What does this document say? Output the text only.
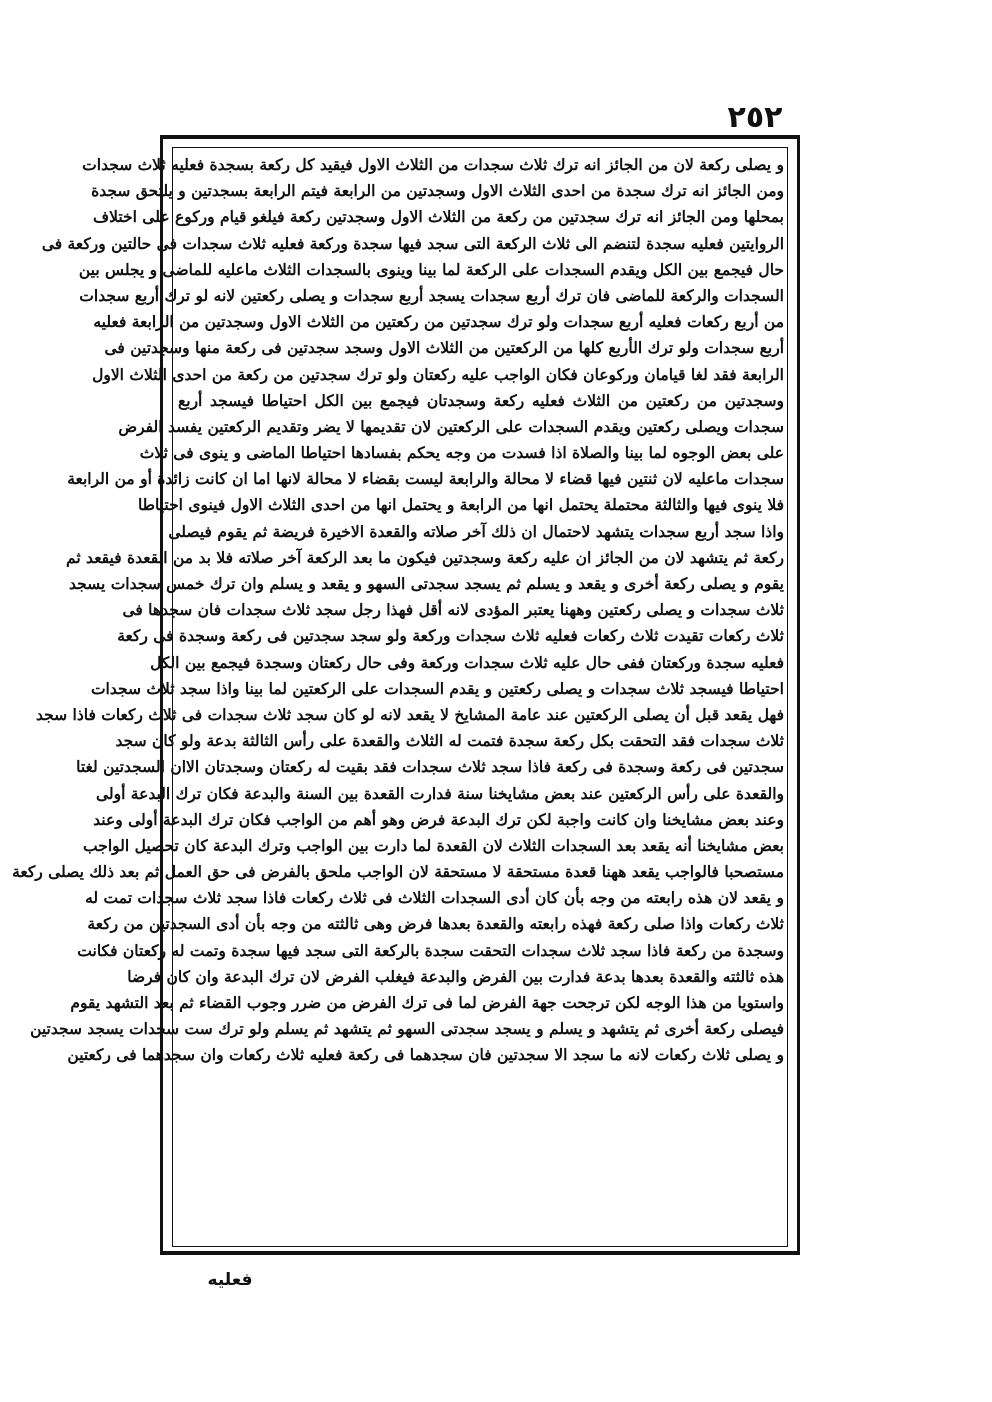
٢٥٢
و يصلى ركعة لان من الجائز انه ترك ثلاث سجدات من الثلاث الاول فيقيد كل ركعة بسجدة فعليه ثلاث سجدات
ومن الجائز انه ترك سجدة من احدى الثلاث الاول وسجدتين من الرابعة فيتم الرابعة بسجدتين و يلتحق سجدة
بمحلها ومن الجائز انه ترك سجدتين من ركعة من الثلاث الاول وسجدتين ركعة فيلغو قيام وركوع على اختلاف
الروايتين فعليه سجدة لتنضم الى ثلاث الركعة التى سجد فيها سجدة وركعة فعليه ثلاث سجدات فى حالتين وركعة فى
حال فيجمع بين الكل ويقدم السجدات على الركعة لما بينا وينوى بالسجدات الثلاث ماعليه للماضى و يجلس بين
السجدات والركعة للماضى فان ترك أربع سجدات يسجد أربع سجدات و يصلى ركعتين لانه لو ترك أربع سجدات
من أربع ركعات فعليه أربع سجدات ولو ترك سجدتين من ركعتين من الثلاث الاول وسجدتين من الرابعة فعليه
أربع سجدات ولو ترك الأربع كلها من الركعتين من الثلاث الاول وسجد سجدتين فى ركعة منها وسجدتين فى
الرابعة فقد لغا قيامان وركوعان فكان الواجب عليه ركعتان ولو ترك سجدتين من ركعة من احدى الثلاث الاول
وسجدتين من ركعتين من الثلاث فعليه ركعة وسجدتان فيجمع بين الكل احتياطا فيسجد أربع
سجدات ويصلى ركعتين ويقدم السجدات على الركعتين لان تقديمها لا يضر وتقديم الركعتين يفسد الفرض
على بعض الوجوه لما بينا والصلاة اذا فسدت من وجه يحكم بفسادها احتياطا الماضى و ينوى فى ثلاث
سجدات ماعليه لان ثنتين فيها قضاء لا محالة والرابعة ليست بقضاء لا محالة لانها اما ان كانت زائدة أو من الرابعة
فلا ينوى فيها والثالثة محتملة يحتمل انها من الرابعة و يحتمل انها من احدى الثلاث الاول فينوى احتياطا
واذا سجد أربع سجدات يتشهد لاحتمال ان ذلك آخر صلاته والقعدة الاخيرة فريضة ثم يقوم فيصلى
ركعة ثم يتشهد لان من الجائز ان عليه ركعة وسجدتين فيكون ما بعد الركعة آخر صلاته فلا بد من القعدة فيقعد ثم
يقوم و يصلى ركعة أخرى و يقعد و يسلم ثم يسجد سجدتى السهو و يقعد و يسلم وان ترك خمس سجدات يسجد
ثلاث سجدات و يصلى ركعتين وههنا يعتبر المؤدى لانه أقل فهذا رجل سجد ثلاث سجدات فان سجدها فى
ثلاث ركعات تقيدت ثلاث ركعات فعليه ثلاث سجدات وركعة ولو سجد سجدتين فى ركعة وسجدة فى ركعة
فعليه سجدة وركعتان ففى حال عليه ثلاث سجدات وركعة وفى حال ركعتان وسجدة فيجمع بين الكل
احتياطا فيسجد ثلاث سجدات و يصلى ركعتين و يقدم السجدات على الركعتين لما بينا واذا سجد ثلاث سجدات
فهل يقعد قبل أن يصلى الركعتين عند عامة المشايخ لا يقعد لانه لو كان سجد ثلاث سجدات فى ثلاث ركعات فاذا سجد
ثلاث سجدات فقد التحقت بكل ركعة سجدة فتمت له الثلاث والقعدة على رأس الثالثة بدعة ولو كان سجد
سجدتين فى ركعة وسجدة فى ركعة فاذا سجد ثلاث سجدات فقد بقيت له ركعتان وسجدتان الاان السجدتين لغتا
والقعدة على رأس الركعتين عند بعض مشايخنا سنة فدارت القعدة بين السنة والبدعة فكان ترك البدعة أولى
وعند بعض مشايخنا وان كانت واجبة لكن ترك البدعة فرض وهو أهم من الواجب فكان ترك البدعة أولى وعند
بعض مشايخنا أنه يقعد بعد السجدات الثلاث لان القعدة لما دارت بين الواجب وترك البدعة كان تحصيل الواجب
مستصحبا فالواجب يقعد ههنا قعدة مستحقة لا مستحقة لان الواجب ملحق بالفرض فى حق العمل ثم بعد ذلك يصلى ركعة
و يقعد لان هذه رابعته من وجه بأن كان أدى السجدات الثلاث فى ثلاث ركعات فاذا سجد ثلاث سجدات تمت له
ثلاث ركعات واذا صلى ركعة فهذه رابعته والقعدة بعدها فرض وهى ثالثته من وجه بأن أدى السجدتين من ركعة
وسجدة من ركعة فاذا سجد ثلاث سجدات التحقت سجدة بالركعة التى سجد فيها سجدة وتمت له ركعتان فكانت
هذه ثالثته والقعدة بعدها بدعة فدارت بين الفرض والبدعة فيغلب الفرض لان ترك البدعة وان كان فرضا
واستويا من هذا الوجه لكن ترجحت جهة الفرض لما فى ترك الفرض من ضرر وجوب القضاء ثم بعد التشهد يقوم
فيصلى ركعة أخرى ثم يتشهد و يسلم و يسجد سجدتى السهو ثم يتشهد ثم يسلم ولو ترك ست سجدات يسجد سجدتين
و يصلى ثلاث ركعات لانه ما سجد الا سجدتين فان سجدهما فى ركعة فعليه ثلاث ركعات وان سجدهما فى ركعتين
فعليه
